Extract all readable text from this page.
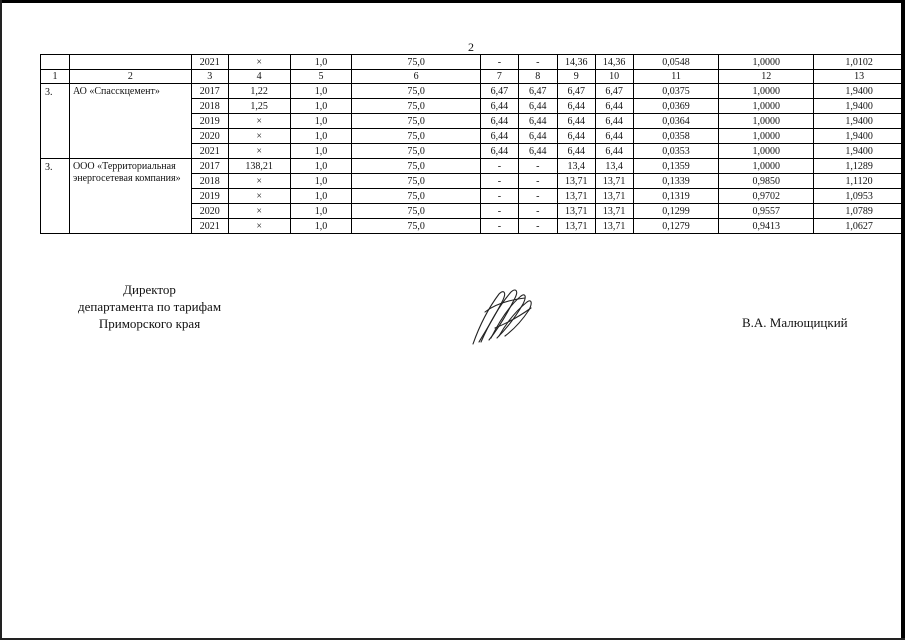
2
		2021	×	1,0	75,0	-	-	14,36	14,36	0,0548	1,0000	1,0102
1	2	3	4	5	6	7	8	9	10	11	12	13
3.	АО «Спасскцемент»	2017	1,22	1,0	75,0	6,47	6,47	6,47	6,47	0,0375	1,0000	1,9400
		2018	1,25	1,0	75,0	6,44	6,44	6,44	6,44	0,0369	1,0000	1,9400
		2019	×	1,0	75,0	6,44	6,44	6,44	6,44	0,0364	1,0000	1,9400
		2020	×	1,0	75,0	6,44	6,44	6,44	6,44	0,0358	1,0000	1,9400
		2021	×	1,0	75,0	6,44	6,44	6,44	6,44	0,0353	1,0000	1,9400
3.	ООО «Территориальная энергосетевая компания»	2017	138,21	1,0	75,0	-	-	13,4	13,4	0,1359	1,0000	1,1289
		2018	×	1,0	75,0	-	-	13,71	13,71	0,1339	0,9850	1,1120
		2019	×	1,0	75,0	-	-	13,71	13,71	0,1319	0,9702	1,0953
		2020	×	1,0	75,0	-	-	13,71	13,71	0,1299	0,9557	1,0789
		2021	×	1,0	75,0	-	-	13,71	13,71	0,1279	0,9413	1,0627
Директор
департамента по тарифам
Приморского края	В.А. Малющицкий
